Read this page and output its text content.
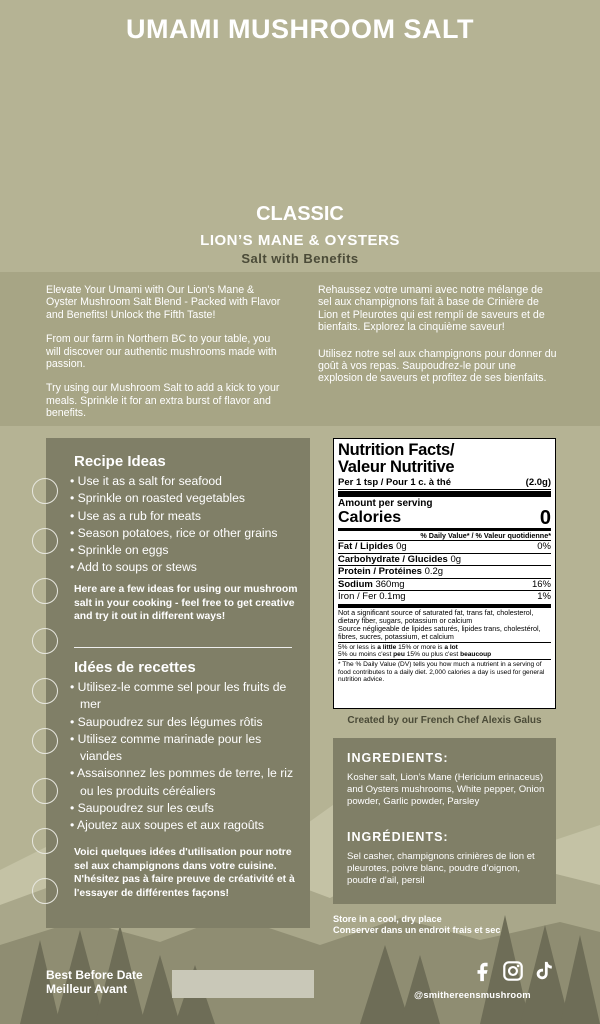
UMAMI MUSHROOM SALT
CLASSIC
LION’S MANE & OYSTERS
Salt with Benefits

Elevate Your Umami with Our Lion's Mane & Oyster Mushroom Salt Blend - Packed with Flavor and Benefits! Unlock the Fifth Taste!

From our farm in Northern BC to your table, you will discover our authentic mushrooms made with passion.

Try using our Mushroom Salt to add a kick to your meals. Sprinkle it for an extra burst of flavor and benefits.

Rehaussez votre umami avec notre mélange de sel aux champignons fait à base de Crinière de Lion et Pleurotes qui est rempli de saveurs et de bienfaits. Explorez la cinquième saveur!

Utilisez notre sel aux champignons pour donner du goût à vos repas. Saupoudrez-le pour une explosion de saveurs et profitez de ses bienfaits.

Recipe Ideas
• Use it as a salt for seafood
• Sprinkle on roasted vegetables
• Use as a rub for meats
• Season potatoes, rice or other grains
• Sprinkle on eggs
• Add to soups or stews
Here are a few ideas for using our mushroom salt in your cooking - feel free to get creative and try it out in different ways!
Idées de recettes
• Utilisez-le comme sel pour les fruits de mer
• Saupoudrez sur des légumes rôtis
• Utilisez comme marinade pour les viandes
• Assaisonnez les pommes de terre, le riz ou les produits céréaliers
• Saupoudrez sur les œufs
• Ajoutez aux soupes et aux ragoûts
Voici quelques idées d'utilisation pour notre sel aux champignons dans votre cuisine. N'hésitez pas à faire preuve de créativité et à l'essayer de différentes façons!
Nutrition Facts/
Valeur Nutritive
Per 1 tsp / Pour 1 c. à thé	(2.0g)
Amount per serving
Calories	0
% Daily Value* / % Valeur quotidienne*
Fat / Lipides 0g	0%
Carbohydrate / Glucides 0g
Protein / Protéines 0.2g
Sodium 360mg	16%
Iron / Fer 0.1mg	1%
Not a significant source of saturated fat, trans fat, cholesterol, dietary fiber, sugars, potassium or calcium
Source négligeable de lipides saturés, lipides trans, cholestérol, fibres, sucres, potassium, et calcium
5% or less is a little 15% or more is a lot
5% ou moins c'est peu 15% ou plus c'est beaucoup
* The % Daily Value (DV) tells you how much a nutrient in a serving of food contributes to a daily diet. 2,000 calories a day is used for general nutrition advice.
Created by our French Chef Alexis Galus
INGREDIENTS:
Kosher salt, Lion’s Mane (Hericium erinaceus) and Oysters mushrooms, White pepper, Onion powder, Garlic powder, Parsley
INGRÉDIENTS:
Sel casher, champignons crinières de lion et pleurotes, poivre blanc, poudre d'oignon, poudre d'ail, persil
Store in a cool, dry place
Conserver dans un endroit frais et sec
Best Before Date
Meilleur Avant
	@smithereensmushroom
